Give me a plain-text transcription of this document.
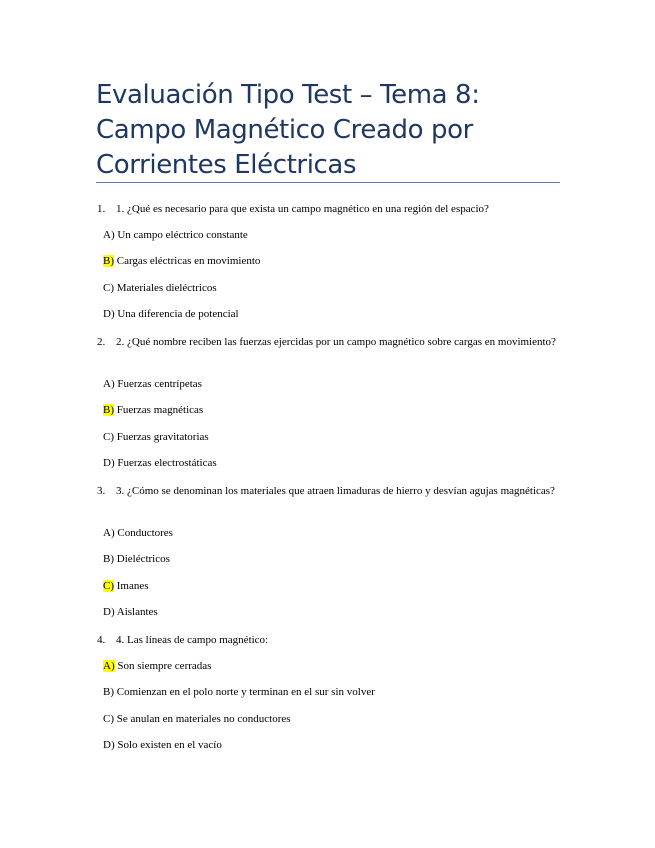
Evaluación Tipo Test – Tema 8: Campo Magnético Creado por Corrientes Eléctricas
1. 1. ¿Qué es necesario para que exista un campo magnético en una región del espacio?
A) Un campo eléctrico constante
B) Cargas eléctricas en movimiento
C) Materiales dieléctricos
D) Una diferencia de potencial
2. 2. ¿Qué nombre reciben las fuerzas ejercidas por un campo magnético sobre cargas en movimiento?
A) Fuerzas centrípetas
B) Fuerzas magnéticas
C) Fuerzas gravitatorias
D) Fuerzas electrostáticas
3. 3. ¿Cómo se denominan los materiales que atraen limaduras de hierro y desvían agujas magnéticas?
A) Conductores
B) Dieléctricos
C) Imanes
D) Aislantes
4. 4. Las líneas de campo magnético:
A) Son siempre cerradas
B) Comienzan en el polo norte y terminan en el sur sin volver
C) Se anulan en materiales no conductores
D) Solo existen en el vacío
